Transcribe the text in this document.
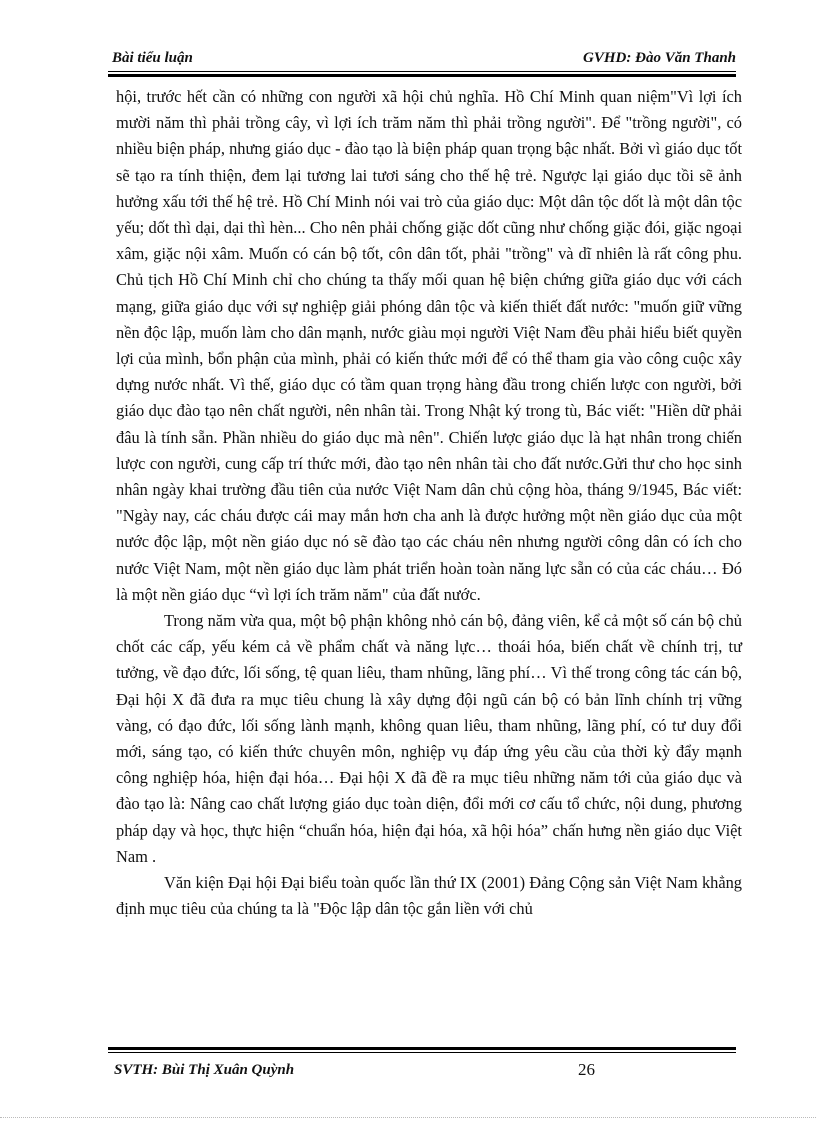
Bài tiểu luận	GVHD: Đào Văn Thanh

hội, trước hết cần có những con người xã hội chủ nghĩa. Hồ Chí Minh quan niệm"Vì lợi ích mười năm thì phải trồng cây, vì lợi ích trăm năm thì phải trồng người". Để "trồng người", có nhiều biện pháp, nhưng giáo dục - đào tạo là biện pháp quan trọng bậc nhất. Bởi vì giáo dục tốt sẽ tạo ra tính thiện, đem lại tương lai tươi sáng cho thế hệ trẻ. Ngược lại giáo dục tồi sẽ ảnh hưởng xấu tới thế hệ trẻ. Hồ Chí Minh nói vai trò của giáo dục: Một dân tộc dốt là một dân tộc yếu; dốt thì dại, dại thì hèn... Cho nên phải chống giặc dốt cũng như chống giặc đói, giặc ngoại xâm, giặc nội xâm. Muốn có cán bộ tốt, côn dân tốt, phải "trồng" và dĩ nhiên là rất công phu. Chủ tịch Hồ Chí Minh chỉ cho chúng ta thấy mối quan hệ biện chứng giữa giáo dục với cách mạng, giữa giáo dục với sự nghiệp giải phóng dân tộc và kiến thiết đất nước: "muốn giữ vững nền độc lập, muốn làm cho dân mạnh, nước giàu mọi người Việt Nam đều phải hiểu biết quyền lợi của mình, bổn phận của mình, phải có kiến thức mới để có thể tham gia vào công cuộc xây dựng nước nhất. Vì thế, giáo dục có tầm quan trọng hàng đầu trong chiến lược con người, bởi giáo dục đào tạo nên chất người, nên nhân tài. Trong Nhật ký trong tù, Bác viết: "Hiền dữ phải đâu là tính sẵn. Phần nhiều do giáo dục mà nên". Chiến lược giáo dục là hạt nhân trong chiến lược con người, cung cấp trí thức mới, đào tạo nên nhân tài cho đất nước.Gửi thư cho học sinh nhân ngày khai trường đầu tiên của nước Việt Nam dân chủ cộng hòa, tháng 9/1945, Bác viết: "Ngày nay, các cháu được cái may mắn hơn cha anh là được hưởng một nền giáo dục của một nước độc lập, một nền giáo dục nó sẽ đào tạo các cháu nên nhưng người công dân có ích cho nước Việt Nam, một nền giáo dục làm phát triển hoàn toàn năng lực sẵn có của các cháu… Đó là một nền giáo dục “vì lợi ích trăm năm" của đất nước.

Trong năm vừa qua, một bộ phận không nhỏ cán bộ, đảng viên, kể cả một số cán bộ chủ chốt các cấp, yếu kém cả về phẩm chất và năng lực… thoái hóa, biến chất về chính trị, tư tưởng, về đạo đức, lối sống, tệ quan liêu, tham nhũng, lãng phí… Vì thế trong công tác cán bộ, Đại hội X đã đưa ra mục tiêu chung là xây dựng đội ngũ cán bộ có bản lĩnh chính trị vững vàng, có đạo đức, lối sống lành mạnh, không quan liêu, tham nhũng, lãng phí, có tư duy đổi mới, sáng tạo, có kiến thức chuyên môn, nghiệp vụ đáp ứng yêu cầu của thời kỳ đẩy mạnh công nghiệp hóa, hiện đại hóa… Đại hội X đã đề ra mục tiêu những năm tới của giáo dục và đào tạo là: Nâng cao chất lượng giáo dục toàn diện, đổi mới cơ cấu tổ chức, nội dung, phương pháp dạy và học, thực hiện “chuẩn hóa, hiện đại hóa, xã hội hóa” chấn hưng nền giáo dục Việt Nam .

Văn kiện Đại hội Đại biểu toàn quốc lần thứ IX (2001) Đảng Cộng sản Việt Nam khẳng định mục tiêu của chúng ta là "Độc lập dân tộc gắn liền với chủ

SVTH: Bùi Thị Xuân Quỳnh	26
